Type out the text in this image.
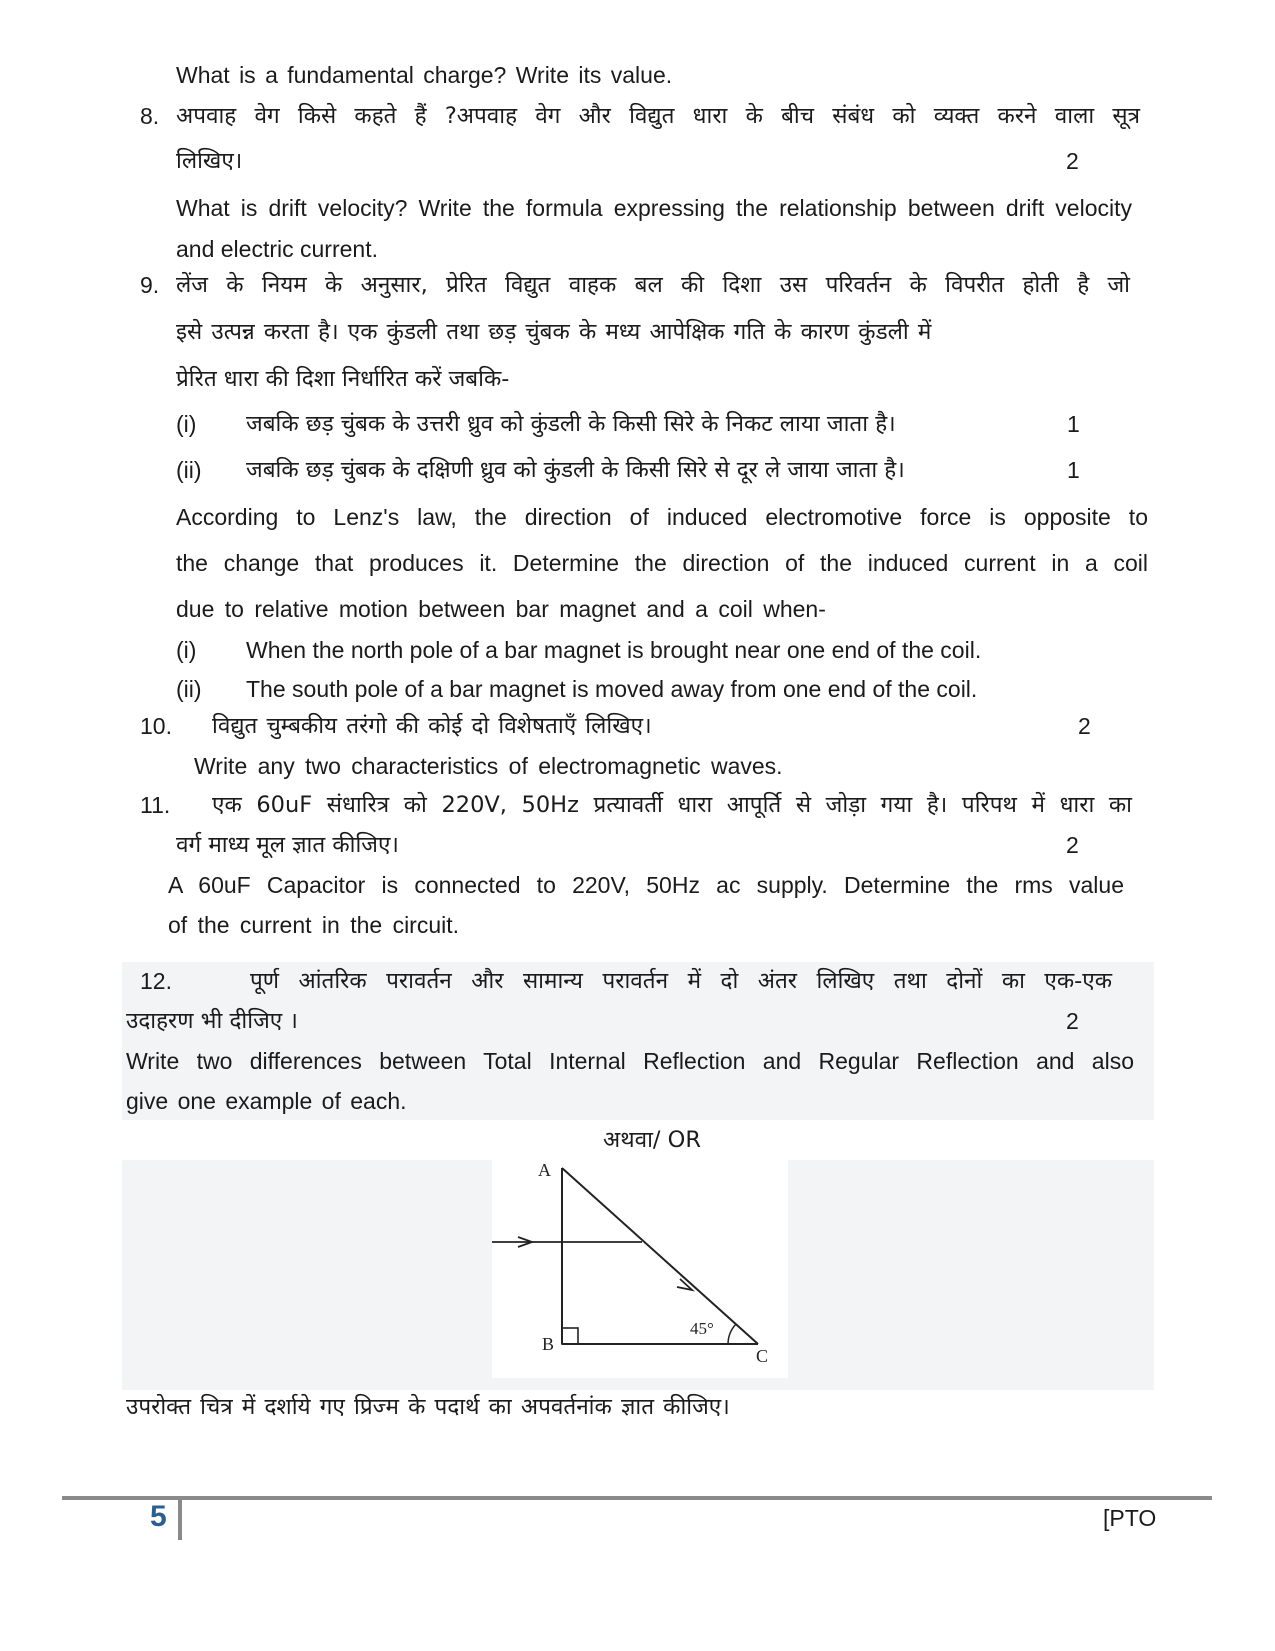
What is a fundamental charge? Write its value.
8. अपवाह वेग किसे कहते हैं ?अपवाह वेग और विद्युत धारा के बीच संबंध को व्यक्त करने वाला सूत्र
लिखिए।	2
What is drift velocity? Write the formula expressing the relationship between drift velocity
and electric current.
9. लेंज के नियम के अनुसार, प्रेरित विद्युत वाहक बल की दिशा उस परिवर्तन के विपरीत होती है जो
इसे उत्पन्न करता है। एक कुंडली तथा छड़ चुंबक के मध्य आपेक्षिक गति के कारण कुंडली में
प्रेरित धारा की दिशा निर्धारित करें जबकि-
(i) जबकि छड़ चुंबक के उत्तरी ध्रुव को कुंडली के किसी सिरे के निकट लाया जाता है।	1
(ii) जबकि छड़ चुंबक के दक्षिणी ध्रुव को कुंडली के किसी सिरे से दूर ले जाया जाता है।	1
According to Lenz's law, the direction of induced electromotive force is opposite to
the change that produces it. Determine the direction of the induced current in a coil
due to relative motion between bar magnet and a coil when-
(i) When the north pole of a bar magnet is brought near one end of the coil.
(ii) The south pole of a bar magnet is moved away from one end of the coil.
10. विद्युत चुम्बकीय तरंगो की कोई दो विशेषताएँ लिखिए।	2
Write any two characteristics of electromagnetic waves.
11. एक 60uF संधारित्र को 220V, 50Hz प्रत्यावर्ती धारा आपूर्ति से जोड़ा गया है। परिपथ में धारा का
वर्ग माध्य मूल ज्ञात कीजिए।	2
A 60uF Capacitor is connected to 220V, 50Hz ac supply. Determine the rms value
of the current in the circuit.
12.	पूर्ण आंतरिक परावर्तन और सामान्य परावर्तन में दो अंतर लिखिए तथा दोनों का एक-एक
उदाहरण भी दीजिए ।	2
Write two differences between Total Internal Reflection and Regular Reflection and also
give one example of each.
अथवा/ OR
A
B
C
45°
उपरोक्त चित्र में दर्शाये गए प्रिज्म के पदार्थ का अपवर्तनांक ज्ञात कीजिए।
5	[PTO
